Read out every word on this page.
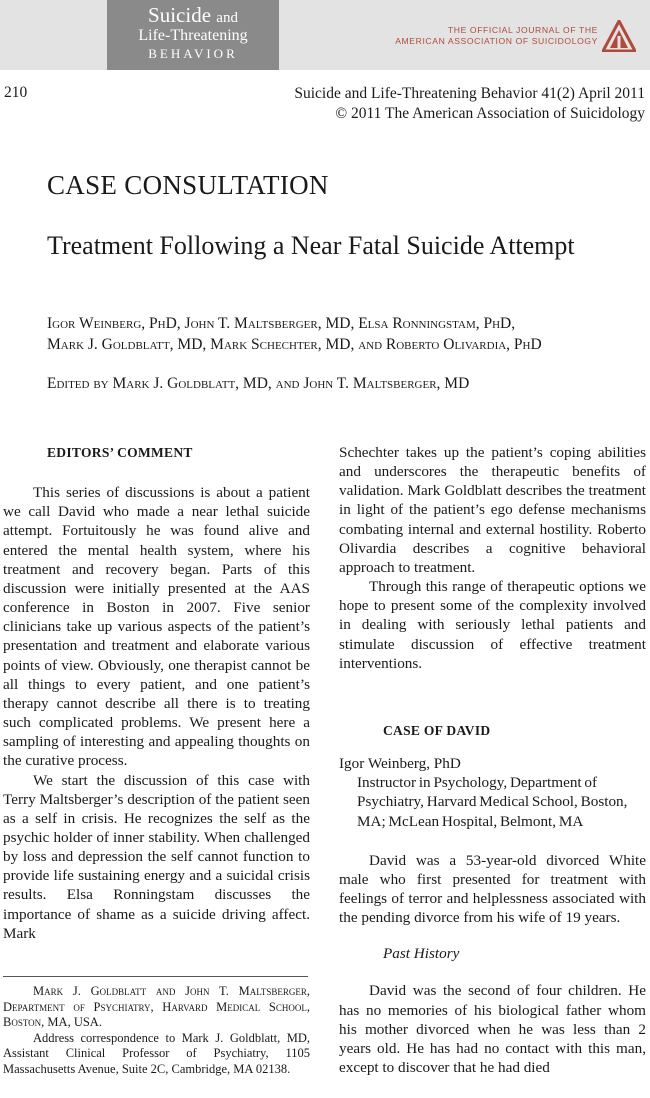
Suicide and
Life-Threatening
BEHAVIOR
THE OFFICIAL JOURNAL OF THE
AMERICAN ASSOCIATION OF SUICIDOLOGY
210	Suicide and Life-Threatening Behavior 41(2) April 2011
© 2011 The American Association of Suicidology
CASE CONSULTATION
Treatment Following a Near Fatal Suicide Attempt
Igor Weinberg, PhD, John T. Maltsberger, MD, Elsa Ronningstam, PhD,
Mark J. Goldblatt, MD, Mark Schechter, MD, and Roberto Olivardia, PhD
Edited by Mark J. Goldblatt, MD, and John T. Maltsberger, MD

EDITORS’ COMMENT

This series of discussions is about a patient we call David who made a near lethal suicide attempt. Fortuitously he was found alive and entered the mental health system, where his treatment and recovery began. Parts of this discussion were initially presented at the AAS conference in Boston in 2007. Five senior clinicians take up various aspects of the patient’s presentation and treatment and elaborate various points of view. Obviously, one therapist cannot be all things to every patient, and one patient’s therapy cannot describe all there is to treating such complicated problems. We present here a sampling of interesting and appealing thoughts on the curative process.

We start the discussion of this case with Terry Maltsberger’s description of the patient seen as a self in crisis. He recognizes the self as the psychic holder of inner stability. When challenged by loss and depression the self cannot function to provide life sustaining energy and a suicidal crisis results. Elsa Ronningstam discusses the importance of shame as a suicide driving affect. Mark

Mark J. Goldblatt and John T. Maltsberger, Department of Psychiatry, Harvard Medical School, Boston, MA, USA.

Address correspondence to Mark J. Goldblatt, MD, Assistant Clinical Professor of Psychiatry, 1105 Massachusetts Avenue, Suite 2C, Cambridge, MA 02138.

Schechter takes up the patient’s coping abilities and underscores the therapeutic benefits of validation. Mark Goldblatt describes the treatment in light of the patient’s ego defense mechanisms combating internal and external hostility. Roberto Olivardia describes a cognitive behavioral approach to treatment.

Through this range of therapeutic options we hope to present some of the complexity involved in dealing with seriously lethal patients and stimulate discussion of effective treatment interventions.

CASE OF DAVID

Igor Weinberg, PhD

Instructor in Psychology, Department of Psychiatry, Harvard Medical School, Boston, MA; McLean Hospital, Belmont, MA

David was a 53-year-old divorced White male who first presented for treatment with feelings of terror and helplessness associated with the pending divorce from his wife of 19 years.

Past History

David was the second of four children. He has no memories of his biological father whom his mother divorced when he was less than 2 years old. He has had no contact with this man, except to discover that he had died
